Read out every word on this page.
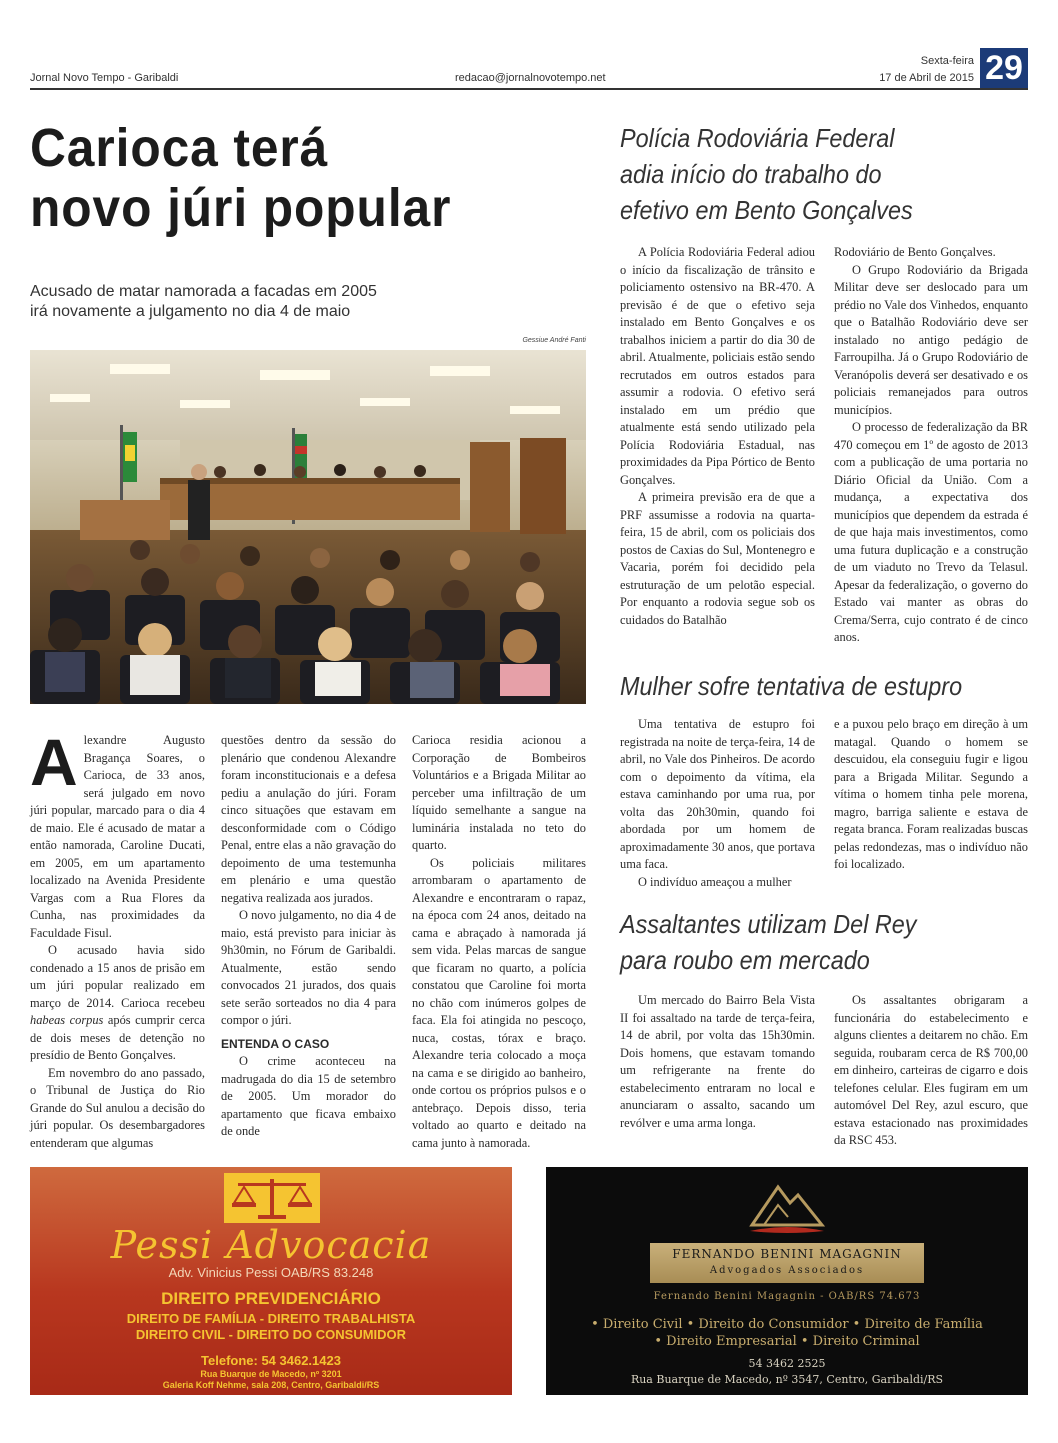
Jornal Novo Tempo - Garibaldi	redacao@jornalnovotempo.net
Sexta-feira
17 de Abril de 2015 29
Carioca terá
novo júri popular
Acusado de matar namorada a facadas em 2005
irá novamente a julgamento no dia 4 de maio
Gessiue André Fanti

Alexandre Augusto Bragança Soares, o Carioca, de 33 anos, será julgado em novo júri popular, marcado para o dia 4 de maio. Ele é acusado de matar a então namorada, Caroline Ducati, em 2005, em um apartamento localizado na Avenida Presidente Vargas com a Rua Flores da Cunha, nas proximidades da Faculdade Fisul.

O acusado havia sido condenado a 15 anos de prisão em um júri popular realizado em março de 2014. Carioca recebeu habeas corpus após cumprir cerca de dois meses de detenção no presídio de Bento Gonçalves.

Em novembro do ano passado, o Tribunal de Justiça do Rio Grande do Sul anulou a decisão do júri popular. Os desembargadores entenderam que algumas

questões dentro da sessão do plenário que condenou Alexandre foram inconstitucionais e a defesa pediu a anulação do júri. Foram cinco situações que estavam em desconformidade com o Código Penal, entre elas a não gravação do depoimento de uma testemunha em plenário e uma questão negativa realizada aos jurados.

O novo julgamento, no dia 4 de maio, está previsto para iniciar às 9h30min, no Fórum de Garibaldi. Atualmente, estão sendo convocados 21 jurados, dos quais sete serão sorteados no dia 4 para compor o júri.

ENTENDA O CASO

O crime aconteceu na madrugada do dia 15 de setembro de 2005. Um morador do apartamento que ficava embaixo de onde

Carioca residia acionou a Corporação de Bombeiros Voluntários e a Brigada Militar ao perceber uma infiltração de um líquido semelhante a sangue na luminária instalada no teto do quarto.

Os policiais militares arrombaram o apartamento de Alexandre e encontraram o rapaz, na época com 24 anos, deitado na cama e abraçado à namorada já sem vida. Pelas marcas de sangue que ficaram no quarto, a polícia constatou que Caroline foi morta no chão com inúmeros golpes de faca. Ela foi atingida no pescoço, nuca, costas, tórax e braço. Alexandre teria colocado a moça na cama e se dirigido ao banheiro, onde cortou os próprios pulsos e o antebraço. Depois disso, teria voltado ao quarto e deitado na cama junto à namorada.

Polícia Rodoviária Federal
adia início do trabalho do
efetivo em Bento Gonçalves

A Polícia Rodoviária Federal adiou o início da fiscalização de trânsito e policiamento ostensivo na BR-470. A previsão é de que o efetivo seja instalado em Bento Gonçalves e os trabalhos iniciem a partir do dia 30 de abril. Atualmente, policiais estão sendo recrutados em outros estados para assumir a rodovia. O efetivo será instalado em um prédio que atualmente está sendo utilizado pela Polícia Rodoviária Estadual, nas proximidades da Pipa Pórtico de Bento Gonçalves.

A primeira previsão era de que a PRF assumisse a rodovia na quarta-feira, 15 de abril, com os policiais dos postos de Caxias do Sul, Montenegro e Vacaria, porém foi decidido pela estruturação de um pelotão especial. Por enquanto a rodovia segue sob os cuidados do Batalhão

Rodoviário de Bento Gonçalves.

O Grupo Rodoviário da Brigada Militar deve ser deslocado para um prédio no Vale dos Vinhedos, enquanto que o Batalhão Rodoviário deve ser instalado no antigo pedágio de Farroupilha. Já o Grupo Rodoviário de Veranópolis deverá ser desativado e os policiais remanejados para outros municípios.

O processo de federalização da BR 470 começou em 1º de agosto de 2013 com a publicação de uma portaria no Diário Oficial da União. Com a mudança, a expectativa dos municípios que dependem da estrada é de que haja mais investimentos, como uma futura duplicação e a construção de um viaduto no Trevo da Telasul. Apesar da federalização, o governo do Estado vai manter as obras do Crema/Serra, cujo contrato é de cinco anos.

Mulher sofre tentativa de estupro

Uma tentativa de estupro foi registrada na noite de terça-feira, 14 de abril, no Vale dos Pinheiros. De acordo com o depoimento da vítima, ela estava caminhando por uma rua, por volta das 20h30min, quando foi abordada por um homem de aproximadamente 30 anos, que portava uma faca.

O indivíduo ameaçou a mulher

e a puxou pelo braço em direção à um matagal. Quando o homem se descuidou, ela conseguiu fugir e ligou para a Brigada Militar. Segundo a vítima o homem tinha pele morena, magro, barriga saliente e estava de regata branca. Foram realizadas buscas pelas redondezas, mas o indivíduo não foi localizado.

Assaltantes utilizam Del Rey
para roubo em mercado

Um mercado do Bairro Bela Vista II foi assaltado na tarde de terça-feira, 14 de abril, por volta das 15h30min. Dois homens, que estavam tomando um refrigerante na frente do estabelecimento entraram no local e anunciaram o assalto, sacando um revólver e uma arma longa.

Os assaltantes obrigaram a funcionária do estabelecimento e alguns clientes a deitarem no chão. Em seguida, roubaram cerca de R$ 700,00 em dinheiro, carteiras de cigarro e dois telefones celular. Eles fugiram em um automóvel Del Rey, azul escuro, que estava estacionado nas proximidades da RSC 453.

Pessi Advocacia
Adv. Vinicius Pessi OAB/RS 83.248
DIREITO PREVIDENCIÁRIO
DIREITO DE FAMÍLIA - DIREITO TRABALHISTA
DIREITO CIVIL - DIREITO DO CONSUMIDOR
Telefone: 54 3462.1423
Rua Buarque de Macedo, nº 3201
Galeria Koff Nehme, sala 208, Centro, Garibaldi/RS
FERNANDO BENINI MAGAGNIN
Advogados Associados
Fernando Benini Magagnin - OAB/RS 74.673
• Direito Civil • Direito do Consumidor • Direito de Família
• Direito Empresarial • Direito Criminal
54 3462 2525
Rua Buarque de Macedo, nº 3547, Centro, Garibaldi/RS
